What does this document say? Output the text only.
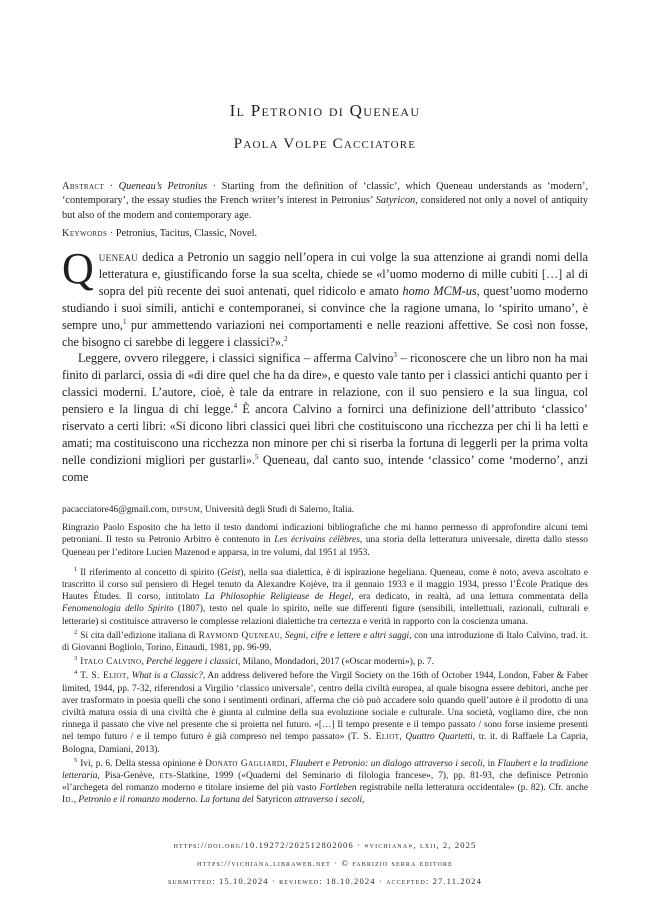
Il Petronio di Queneau
Paola Volpe Cacciatore
Abstract · Queneau’s Petronius · Starting from the definition of ‘classic’, which Queneau understands as ‘modern’, ‘contemporary’, the essay studies the French writer’s interest in Petronius’ Satyricon, considered not only a novel of antiquity but also of the modern and contemporary age.
Keywords · Petronius, Tacitus, Classic, Novel.

Queneau dedica a Petronio un saggio nell’opera in cui volge la sua attenzione ai grandi nomi della letteratura e, giustificando forse la sua scelta, chiede se «l’uomo moderno di mille cubiti […] al di sopra del più recente dei suoi antenati, quel ridicolo e amato homo MCM-us, quest’uomo moderno studiando i suoi simili, antichi e contemporanei, si convince che la ragione umana, lo ‘spirito umano’, è sempre uno,$^1$ pur ammettendo variazioni nei comportamenti e nelle reazioni affettive. Se così non fosse, che bisogno ci sarebbe di leggere i classici?».$^2$

Leggere, ovvero rileggere, i classici significa – afferma Calvino$^3$ – riconoscere che un libro non ha mai finito di parlarci, ossia di «di dire quel che ha da dire», e questo vale tanto per i classici antichi quanto per i classici moderni. L’autore, cioè, è tale da entrare in relazione, con il suo pensiero e la sua lingua, col pensiero e la lingua di chi legge.$^4$ È ancora Calvino a fornirci una definizione dell’attributo ‘classico’ riservato a certi libri: «Si dicono libri classici quei libri che costituiscono una ricchezza per chi li ha letti e amati; ma costituiscono una ricchezza non minore per chi si riserba la fortuna di leggerli per la prima volta nelle condizioni migliori per gustarli».$^5$ Queneau, dal canto suo, intende ‘classico’ come ‘moderno’, anzi come

pacacciatore46@gmail.com, dipsum, Università degli Studi di Salerno, Italia.

Ringrazio Paolo Esposito che ha letto il testo dandomi indicazioni bibliografiche che mi hanno permesso di approfondire alcuni temi petroniani. Il testo su Petronio Arbitro è contenuto in Les écrivains célèbres, una storia della letteratura universale, diretta dallo stesso Queneau per l’editore Lucien Mazenod e apparsa, in tre volumi, dal 1951 al 1953.

$^1$ Il riferimento al concetto di spirito (Geist), nella sua dialettica, è di ispirazione hegeliana. Queneau, come è noto, aveva ascoltato e trascritto il corso sul pensiero di Hegel tenuto da Alexandre Kojève, tra il gennaio 1933 e il maggio 1934, presso l’École Pratique des Hautes Études. Il corso, intitolato La Philosophie Religieuse de Hegel, era dedicato, in realtà, ad una lettura commentata della Fenomenologia dello Spirito (1807), testo nel quale lo spirito, nelle sue differenti figure (sensibili, intellettuali, razionali, culturali e letterarie) si costituisce attraverso le complesse relazioni dialettiche tra certezza e verità in rapporto con la coscienza umana.

$^2$ Si cita dall’edizione italiana di Raymond Queneau, Segni, cifre e lettere e altri saggi, con una introduzione di Italo Calvino, trad. it. di Giovanni Bogliolo, Torino, Einaudi, 1981, pp. 96-99.

$^3$ Italo Calvino, Perché leggere i classici, Milano, Mondadori, 2017 («Oscar moderni»), p. 7.

$^4$ T. S. Eliot, What is a Classic?, An address delivered before the Virgil Society on the 16th of October 1944, London, Faber & Faber limited, 1944, pp. 7-32, riferendosi a Virgilio ‘classico universale’, centro della civiltà europea, al quale bisogna essere debitori, anche per aver trasformato in poesia quelli che sono i sentimenti ordinari, afferma che ciò può accadere solo quando quell’autore è il prodotto di una civiltà matura ossia di una civiltà che è giunta al culmine della sua evoluzione sociale e culturale. Una società, vogliamo dire, che non rinnega il passato che vive nel presente che si proietta nel futuro. «[…] Il tempo presente e il tempo passato / sono forse insieme presenti nel tempo futuro / e il tempo futuro è già compreso nel tempo passato» (T. S. Eliot, Quattro Quartetti, tr. it. di Raffaele La Capria, Bologna, Damiani, 2013).

$^5$ Ivi, p. 6. Della stessa opinione è Donato Gagliardi, Flaubert e Petronio: un dialogo attraverso i secoli, in Flaubert e la tradizione letteraria, Pisa-Genève, ets-Slatkine, 1999 («Quaderni del Seminario di filologia francese», 7), pp. 81-93, che definisce Petronio «l’archegeta del romanzo moderno e titolare insieme del più vasto Fortleben registrabile nella letteratura occidentale» (p. 82). Cfr. anche Id., Petronio e il romanzo moderno. La fortuna del Satyricon attraverso i secoli,

https://doi.org/10.19272/202512802006 · «vichiana», lxii, 2, 2025
https://vichiana.libraweb.net · © fabrizio serra editore
submitted: 15.10.2024 · reviewed: 18.10.2024 · accepted: 27.11.2024
